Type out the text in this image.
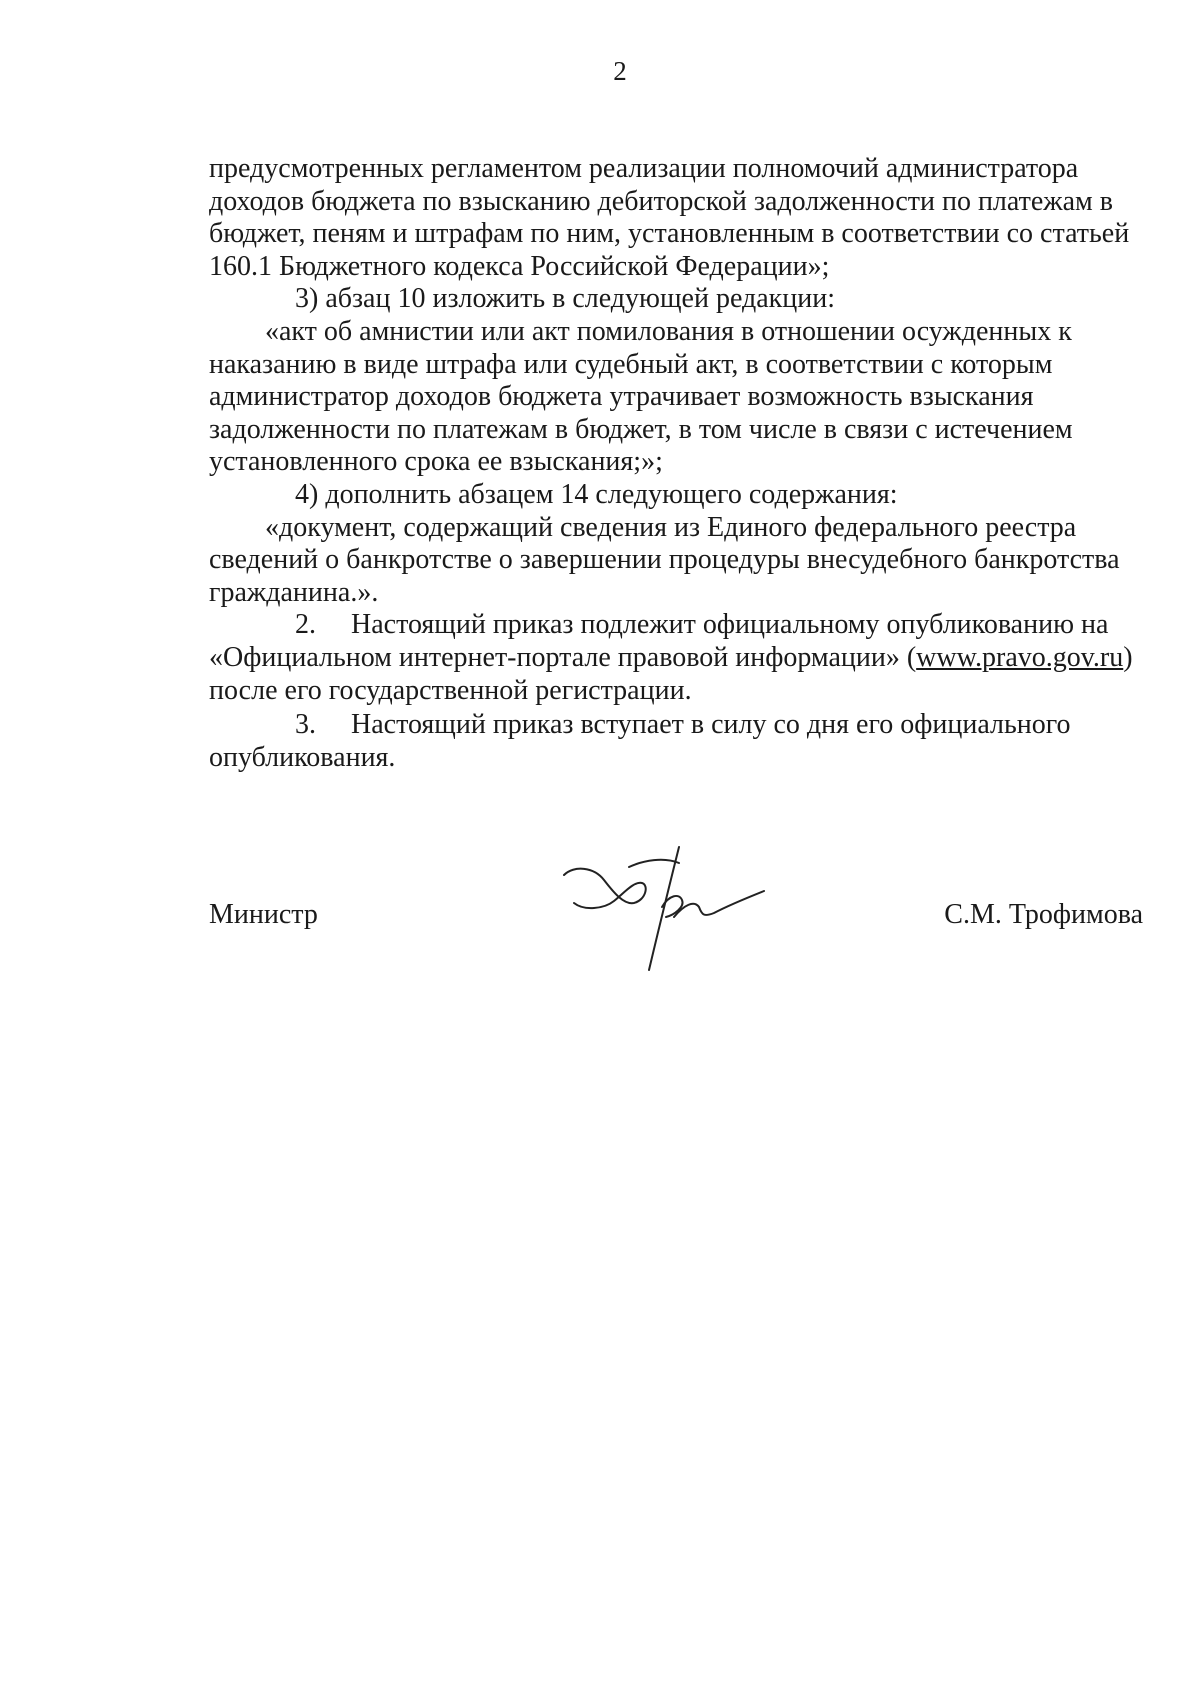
2

предусмотренных регламентом реализации полномочий администратора

доходов бюджета по взысканию дебиторской задолженности по платежам в

бюджет, пеням и штрафам по ним, установленным в соответствии со статьей

160.1 Бюджетного кодекса Российской Федерации»;

3) абзац 10 изложить в следующей редакции:

«акт об амнистии или акт помилования в отношении осужденных к

наказанию в виде штрафа или судебный акт, в соответствии с которым

администратор доходов бюджета утрачивает возможность взыскания

задолженности по платежам в бюджет, в том числе в связи с истечением

установленного срока ее взыскания;»;

4) дополнить абзацем 14 следующего содержания:

«документ, содержащий сведения из Единого федерального реестра

сведений о банкротстве о завершении процедуры внесудебного банкротства

гражданина.».

2. Настоящий приказ подлежит официальному опубликованию на

«Официальном интернет-портале правовой информации» (www.pravo.gov.ru)

после его государственной регистрации.

3. Настоящий приказ вступает в силу со дня его официального

опубликования.

Министр	С.М. Трофимова
